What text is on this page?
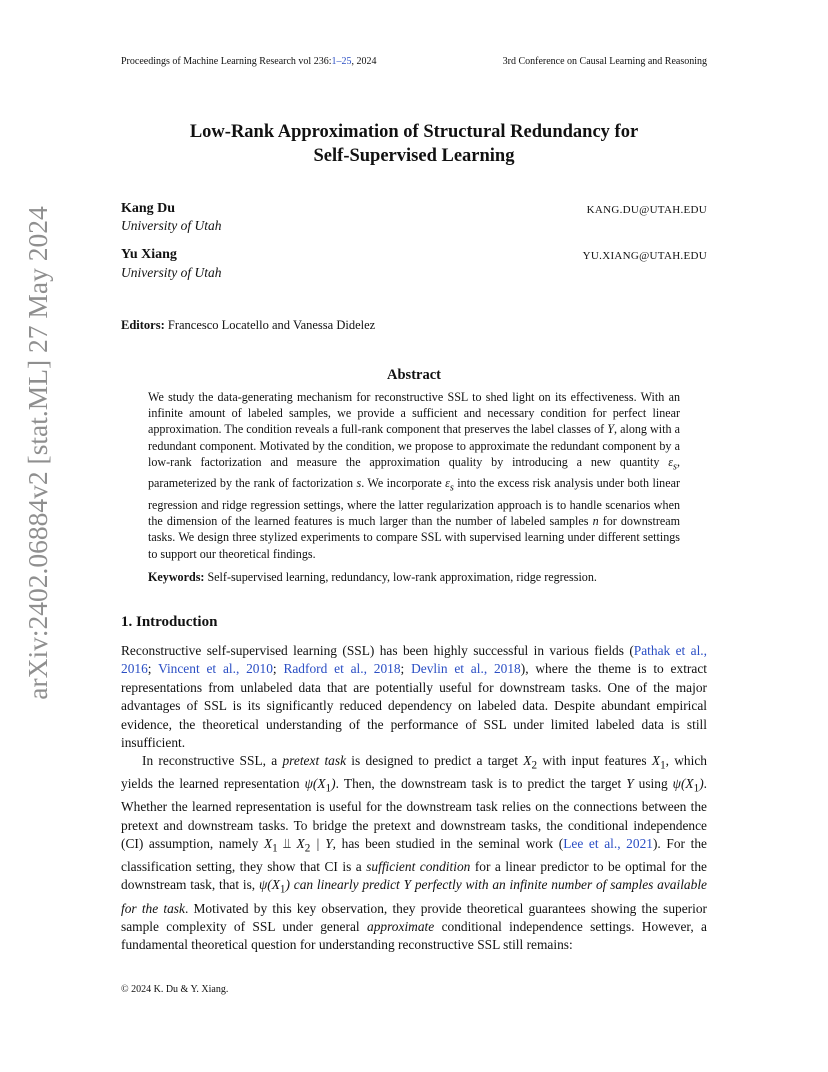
Proceedings of Machine Learning Research vol 236:1–25, 2024	3rd Conference on Causal Learning and Reasoning
arXiv:2402.06884v2 [stat.ML] 27 May 2024
Low-Rank Approximation of Structural Redundancy for
Self-Supervised Learning
Kang Du	KANG.DU@UTAH.EDU
University of Utah
Yu Xiang	YU.XIANG@UTAH.EDU
University of Utah
Editors: Francesco Locatello and Vanessa Didelez
Abstract
We study the data-generating mechanism for reconstructive SSL to shed light on its effectiveness. With an infinite amount of labeled samples, we provide a sufficient and necessary condition for perfect linear approximation. The condition reveals a full-rank component that preserves the label classes of Y, along with a redundant component. Motivated by the condition, we propose to approximate the redundant component by a low-rank factorization and measure the approximation quality by introducing a new quantity $\varepsilon_s$, parameterized by the rank of factorization s. We incorporate $\varepsilon_s$ into the excess risk analysis under both linear regression and ridge regression settings, where the latter regularization approach is to handle scenarios when the dimension of the learned features is much larger than the number of labeled samples n for downstream tasks. We design three stylized experiments to compare SSL with supervised learning under different settings to support our theoretical findings.
Keywords: Self-supervised learning, redundancy, low-rank approximation, ridge regression.
1. Introduction
Reconstructive self-supervised learning (SSL) has been highly successful in various fields (Pathak et al., 2016; Vincent et al., 2010; Radford et al., 2018; Devlin et al., 2018), where the theme is to extract representations from unlabeled data that are potentially useful for downstream tasks. One of the major advantages of SSL is its significantly reduced dependency on labeled data. Despite abundant empirical evidence, the theoretical understanding of the performance of SSL under limited labeled data is still insufficient.
In reconstructive SSL, a pretext task is designed to predict a target $X_2$ with input features $X_1$, which yields the learned representation $\psi(X_1)$. Then, the downstream task is to predict the target Y using $\psi(X_1)$. Whether the learned representation is useful for the downstream task relies on the connections between the pretext and downstream tasks. To bridge the pretext and downstream tasks, the conditional independence (CI) assumption, namely $X_1$ ⫫ $X_2$ | Y, has been studied in the seminal work (Lee et al., 2021). For the classification setting, they show that CI is a sufficient condition for a linear predictor to be optimal for the downstream task, that is, $\psi(X_1)$ can linearly predict Y perfectly with an infinite number of samples available for the task. Motivated by this key observation, they provide theoretical guarantees showing the superior sample complexity of SSL under general approximate conditional independence settings. However, a fundamental theoretical question for understanding reconstructive SSL still remains:
© 2024 K. Du & Y. Xiang.
